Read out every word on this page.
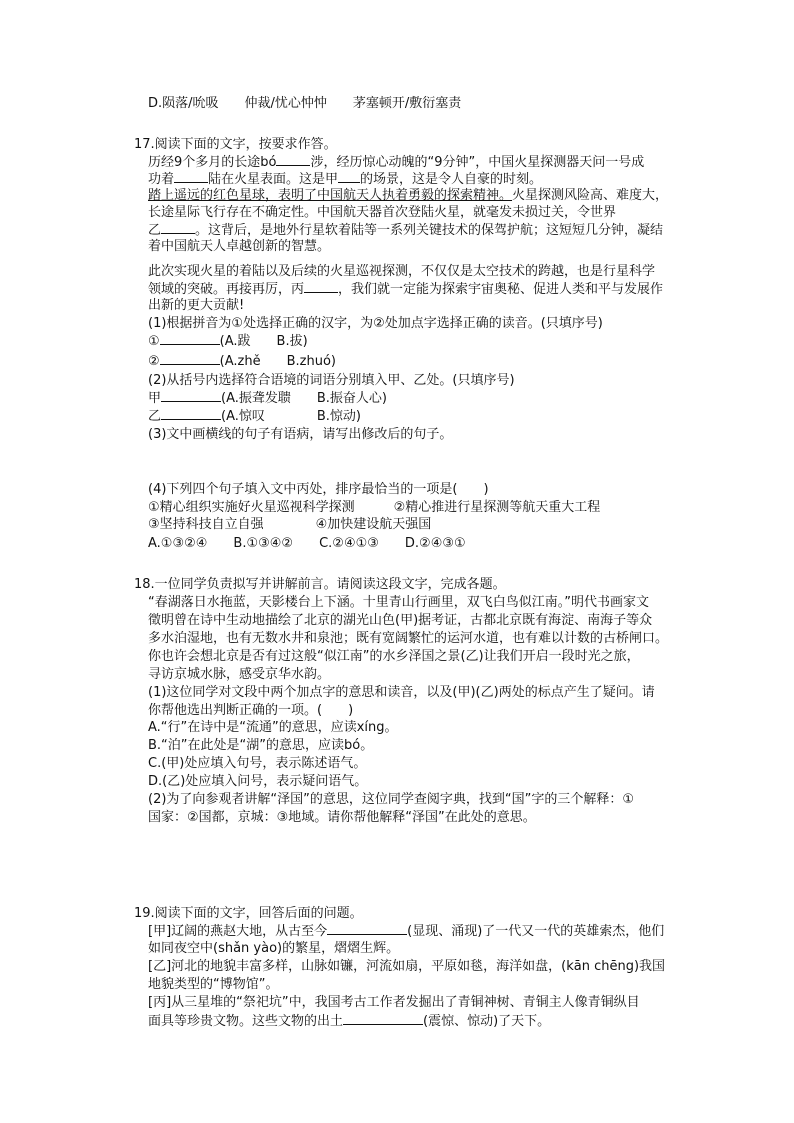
D.陨落/吮吸　　仲裁/忧心忡忡　　茅塞顿开/敷衍塞责
17.阅读下面的文字，按要求作答。
历经9个多月的长途bó	涉，经历惊心动魄的“9分钟”，中国火星探测器天问一号成
功着	陆在火星表面。这是甲 的场景，这是令人自豪的时刻。
踏上遥远的红色星球，表明了中国航天人执着勇毅的探索精神。火星探测风险高、难度大，
长途星际飞行存在不确定性。中国航天器首次登陆火星，就毫发未损过关，令世界
乙	。这背后，是地外行星软着陆等一系列关键技术的保驾护航；这短短几分钟，凝结
着中国航天人卓越创新的智慧。
此次实现火星的着陆以及后续的火星巡视探测，不仅仅是太空技术的跨越，也是行星科学
领域的突破。再接再厉，丙	，我们就一定能为探索宇宙奥秘、促进人类和平与发展作
出新的更大贡献!
(1)根据拼音为①处选择正确的汉字，为②处加点字选择正确的读音。(只填序号)
①	(A.跋　　B.拔)
②	(A.zhě　　B.zhuó)
(2)从括号内选择符合语境的词语分别填入甲、乙处。(只填序号)
甲	(A.振聋发聩　　B.振奋人心)
乙	(A.惊叹　　　　B.惊动)
(3)文中画横线的句子有语病，请写出修改后的句子。
(4)下列四个句子填入文中丙处，排序最恰当的一项是(　　)
①精心组织实施好火星巡视科学探测　　　②精心推进行星探测等航天重大工程
③坚持科技自立自强　　　　④加快建设航天强国
A.①③②④　　B.①③④②　　C.②④①③　　D.②④③①
18.一位同学负责拟写并讲解前言。请阅读这段文字，完成各题。
“春湖落日水拖蓝，天影楼台上下涵。十里青山行画里，双飞白鸟似江南。”明代书画家文
徵明曾在诗中生动地描绘了北京的湖光山色(甲)据考证，古都北京既有海淀、南海子等众
多水泊湿地，也有无数水井和泉池；既有宽阔繁忙的运河水道，也有难以计数的古桥闸口。
你也许会想北京是否有过这般“似江南”的水乡泽国之景(乙)让我们开启一段时光之旅，
寻访京城水脉，感受京华水韵。
(1)这位同学对文段中两个加点字的意思和读音，以及(甲)(乙)两处的标点产生了疑问。请
你帮他选出判断正确的一项。(　　)
A.“行”在诗中是“流通”的意思，应读xíng。
B.“泊”在此处是“湖”的意思，应读bó。
C.(甲)处应填入句号，表示陈述语气。
D.(乙)处应填入问号，表示疑问语气。
(2)为了向参观者讲解“泽国”的意思，这位同学查阅字典，找到“国”字的三个解释：①
国家：②国都，京城：③地域。请你帮他解释“泽国”在此处的意思。
19.阅读下面的文字，回答后面的问题。
[甲]辽阔的燕赵大地，从古至今	(显现、涌现)了一代又一代的英雄索杰，他们
如同夜空中(shǎn yào)的繁星，熠熠生辉。
[乙]河北的地貌丰富多样，山脉如镰，河流如扇，平原如毯，海洋如盘，(kān chēng)我国
地貌类型的“博物馆”。
[丙]从三星堆的“祭祀坑”中，我国考古工作者发掘出了青铜神树、青铜主人像青铜纵目
面具等珍贵文物。这些文物的出土	(震惊、惊动)了天下。
